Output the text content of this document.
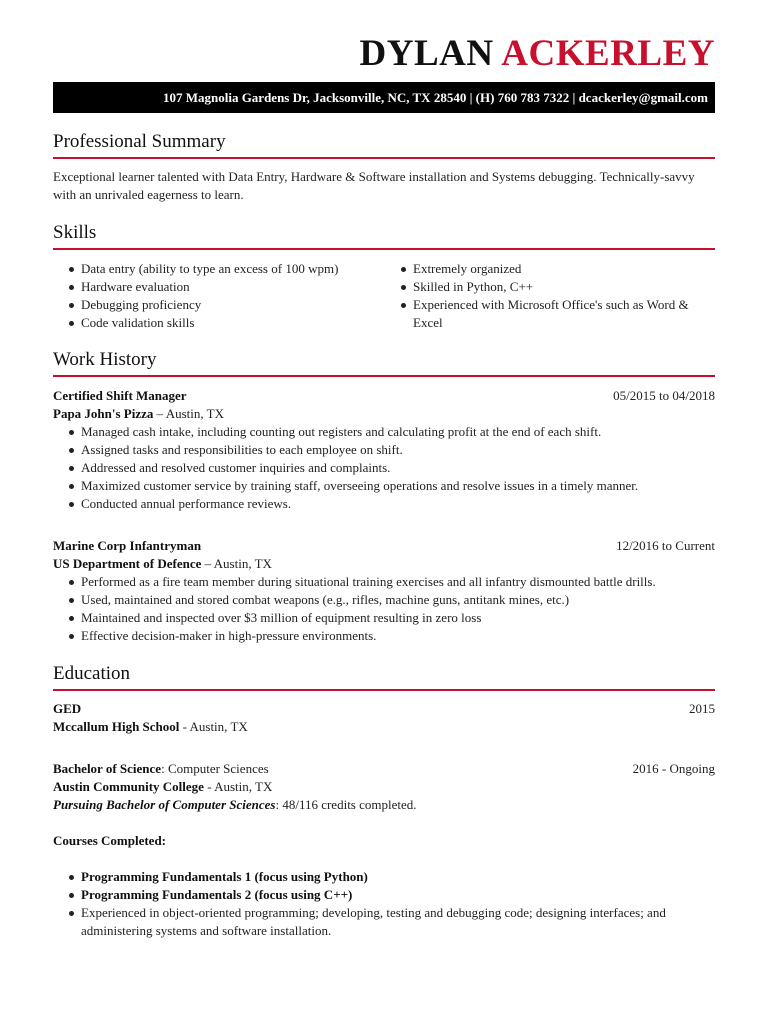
DYLAN ACKERLEY
107 Magnolia Gardens Dr, Jacksonville, NC, TX 28540 | (H) 760 783 7322 | dcackerley@gmail.com
Professional Summary
Exceptional learner talented with Data Entry, Hardware & Software installation and Systems debugging. Technically-savvy with an unrivaled eagerness to learn.
Skills
Data entry (ability to type an excess of 100 wpm)
Hardware evaluation
Debugging proficiency
Code validation skills
Extremely organized
Skilled in Python, C++
Experienced with Microsoft Office's such as Word & Excel
Work History
Certified Shift Manager	05/2015 to 04/2018
Papa John's Pizza – Austin, TX
Managed cash intake, including counting out registers and calculating profit at the end of each shift.
Assigned tasks and responsibilities to each employee on shift.
Addressed and resolved customer inquiries and complaints.
Maximized customer service by training staff, overseeing operations and resolve issues in a timely manner.
Conducted annual performance reviews.
Marine Corp Infantryman	12/2016 to Current
US Department of Defence – Austin, TX
Performed as a fire team member during situational training exercises and all infantry dismounted battle drills.
Used, maintained and stored combat weapons (e.g., rifles, machine guns, antitank mines, etc.)
Maintained and inspected over $3 million of equipment resulting in zero loss
Effective decision-maker in high-pressure environments.
Education
GED	2015
Mccallum High School - Austin, TX
Bachelor of Science: Computer Sciences	2016 - Ongoing
Austin Community College - Austin, TX
Pursuing Bachelor of Computer Sciences: 48/116 credits completed.
Courses Completed:
Programming Fundamentals 1 (focus using Python)
Programming Fundamentals 2 (focus using C++)
Experienced in object-oriented programming; developing, testing and debugging code; designing interfaces; and administering systems and software installation.
